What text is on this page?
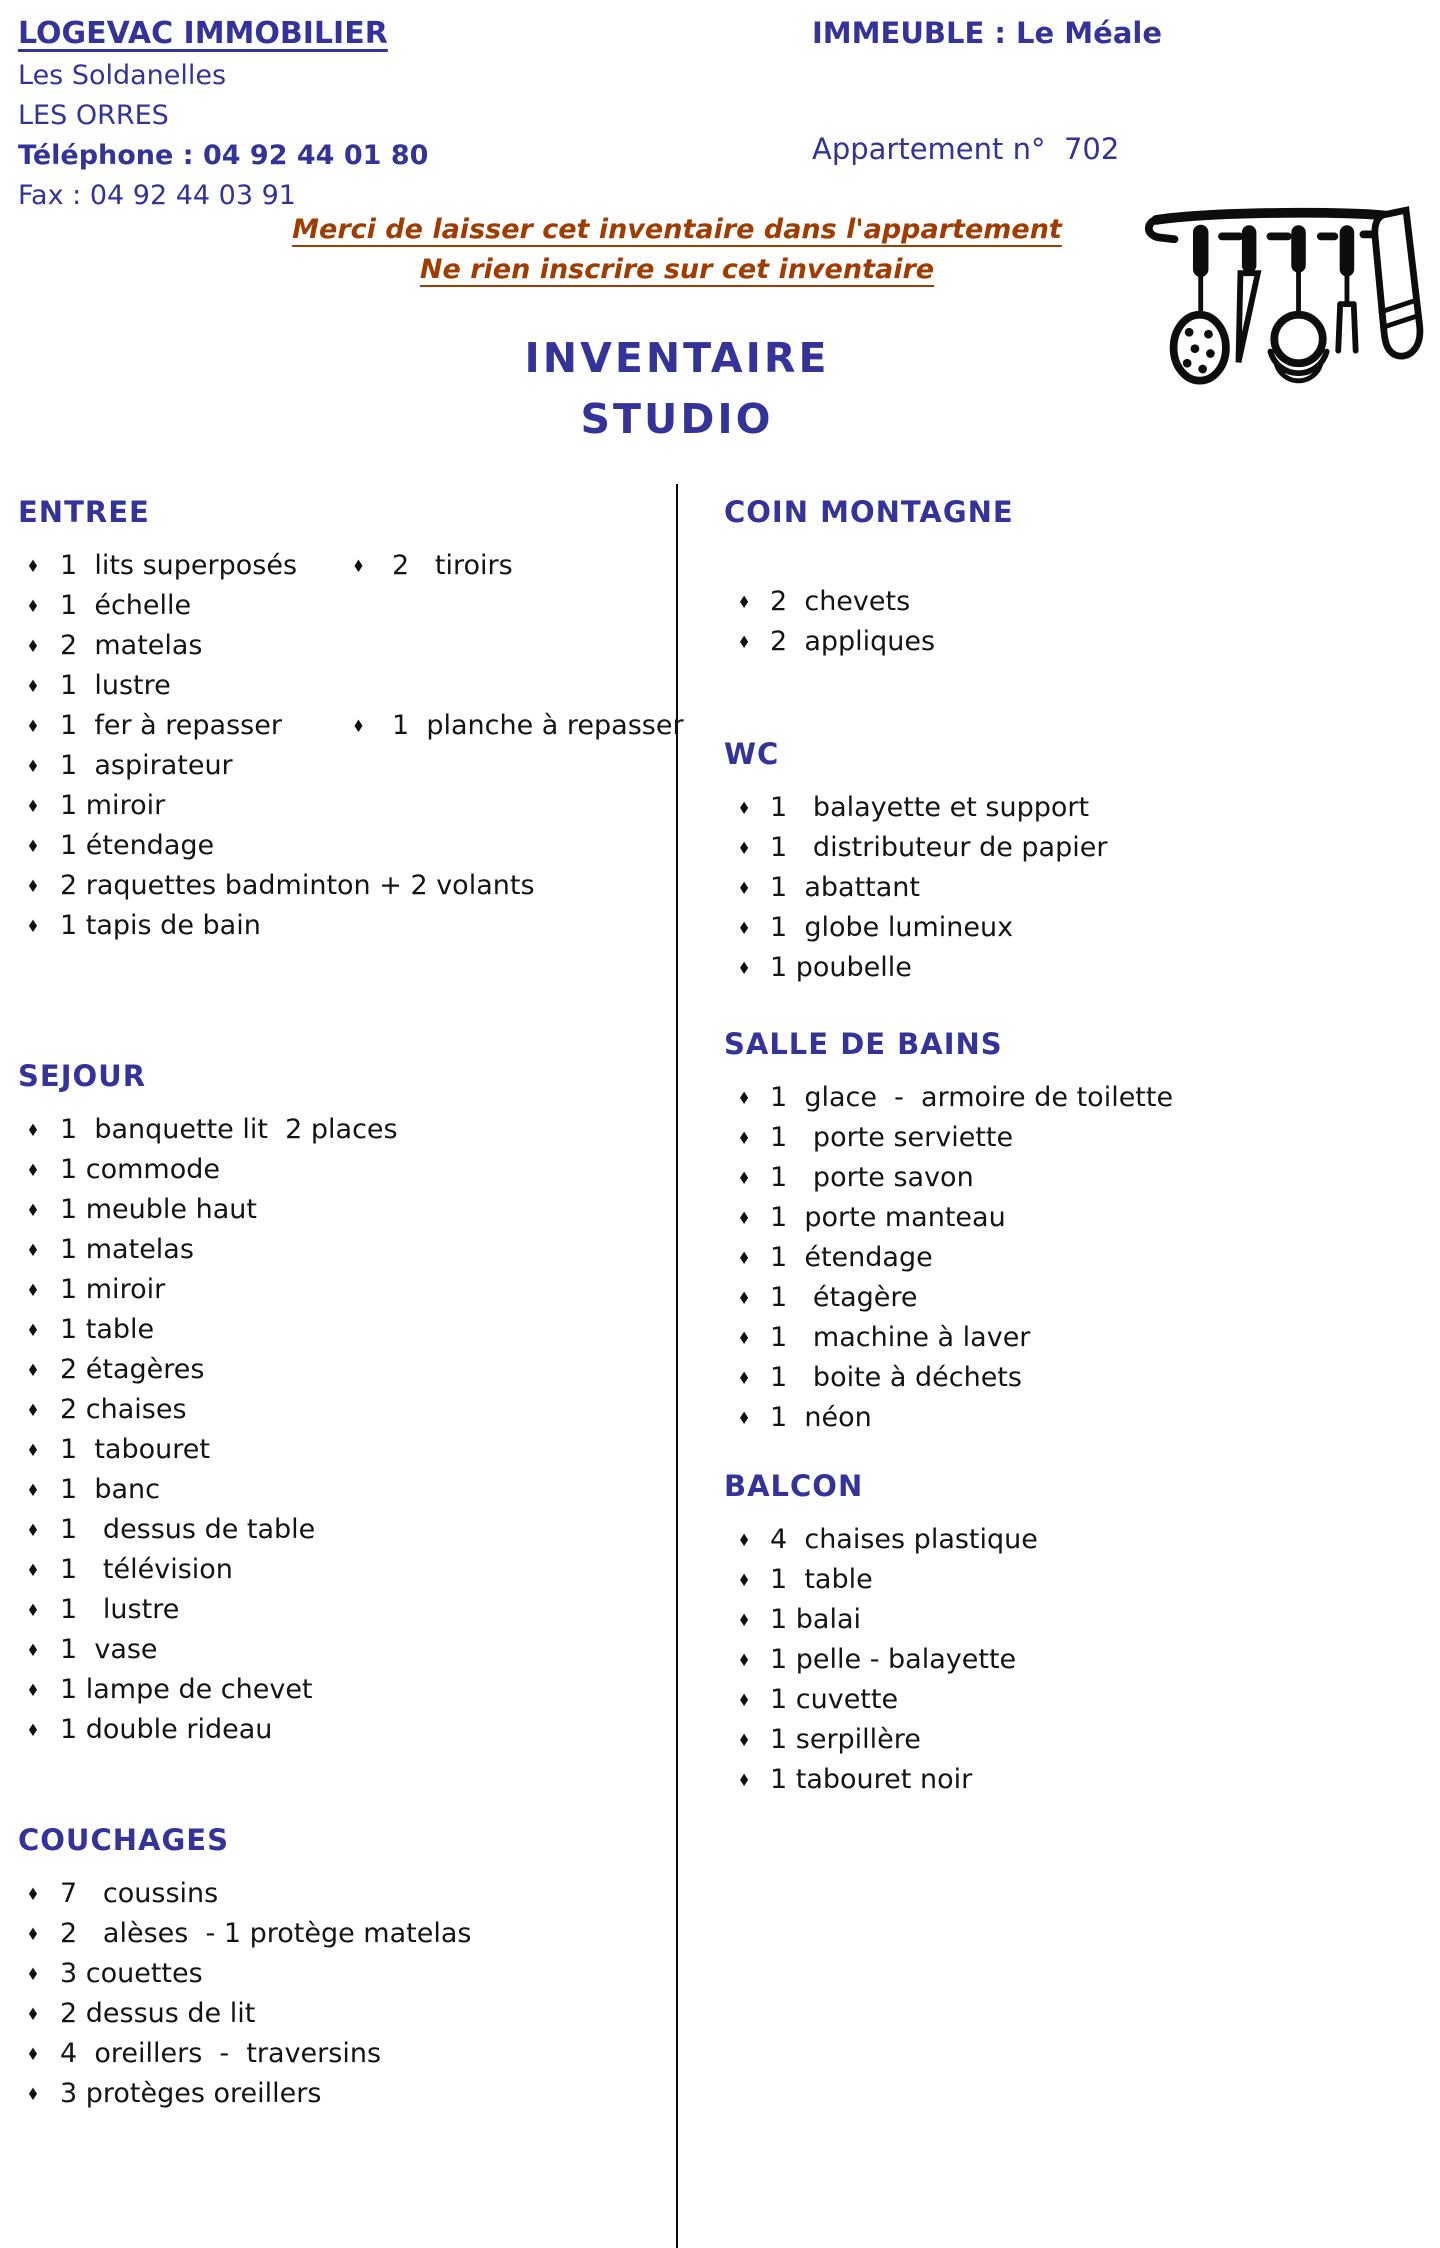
LOGEVAC IMMOBILIER
Les Soldanelles
LES ORRES
Téléphone : 04 92 44 01 80
Fax : 04 92 44 03 91
IMMEUBLE : Le Méale
Appartement n°  702
Merci de laisser cet inventaire dans l'appartement
Ne rien inscrire sur cet inventaire
INVENTAIRE
STUDIO
ENTREE
♦ 1  lits superposés	♦ 2   tiroirs
♦ 1  échelle
♦ 2  matelas
♦ 1  lustre
♦ 1  fer à repasser	♦ 1  planche à repasser
♦ 1  aspirateur
♦ 1 miroir
♦ 1 étendage
♦ 2 raquettes badminton + 2 volants
♦ 1 tapis de bain
SEJOUR
♦ 1  banquette lit  2 places
♦ 1 commode
♦ 1 meuble haut
♦ 1 matelas
♦ 1 miroir
♦ 1 table
♦ 2 étagères
♦ 2 chaises
♦ 1  tabouret
♦ 1  banc
♦ 1   dessus de table
♦ 1   télévision
♦ 1   lustre
♦ 1  vase
♦ 1 lampe de chevet
♦ 1 double rideau
COUCHAGES
♦ 7   coussins
♦ 2   alèses  - 1 protège matelas
♦ 3 couettes
♦ 2 dessus de lit
♦ 4  oreillers  -  traversins
♦ 3 protèges oreillers
COIN MONTAGNE
♦ 2  chevets
♦ 2  appliques
WC
♦ 1   balayette et support
♦ 1   distributeur de papier
♦ 1  abattant
♦ 1  globe lumineux
♦ 1 poubelle
SALLE DE BAINS
♦ 1  glace  -  armoire de toilette
♦ 1   porte serviette
♦ 1   porte savon
♦ 1  porte manteau
♦ 1  étendage
♦ 1   étagère
♦ 1   machine à laver
♦ 1   boite à déchets
♦ 1  néon
BALCON
♦ 4  chaises plastique
♦ 1  table
♦ 1 balai
♦ 1 pelle - balayette
♦ 1 cuvette
♦ 1 serpillère
♦ 1 tabouret noir
